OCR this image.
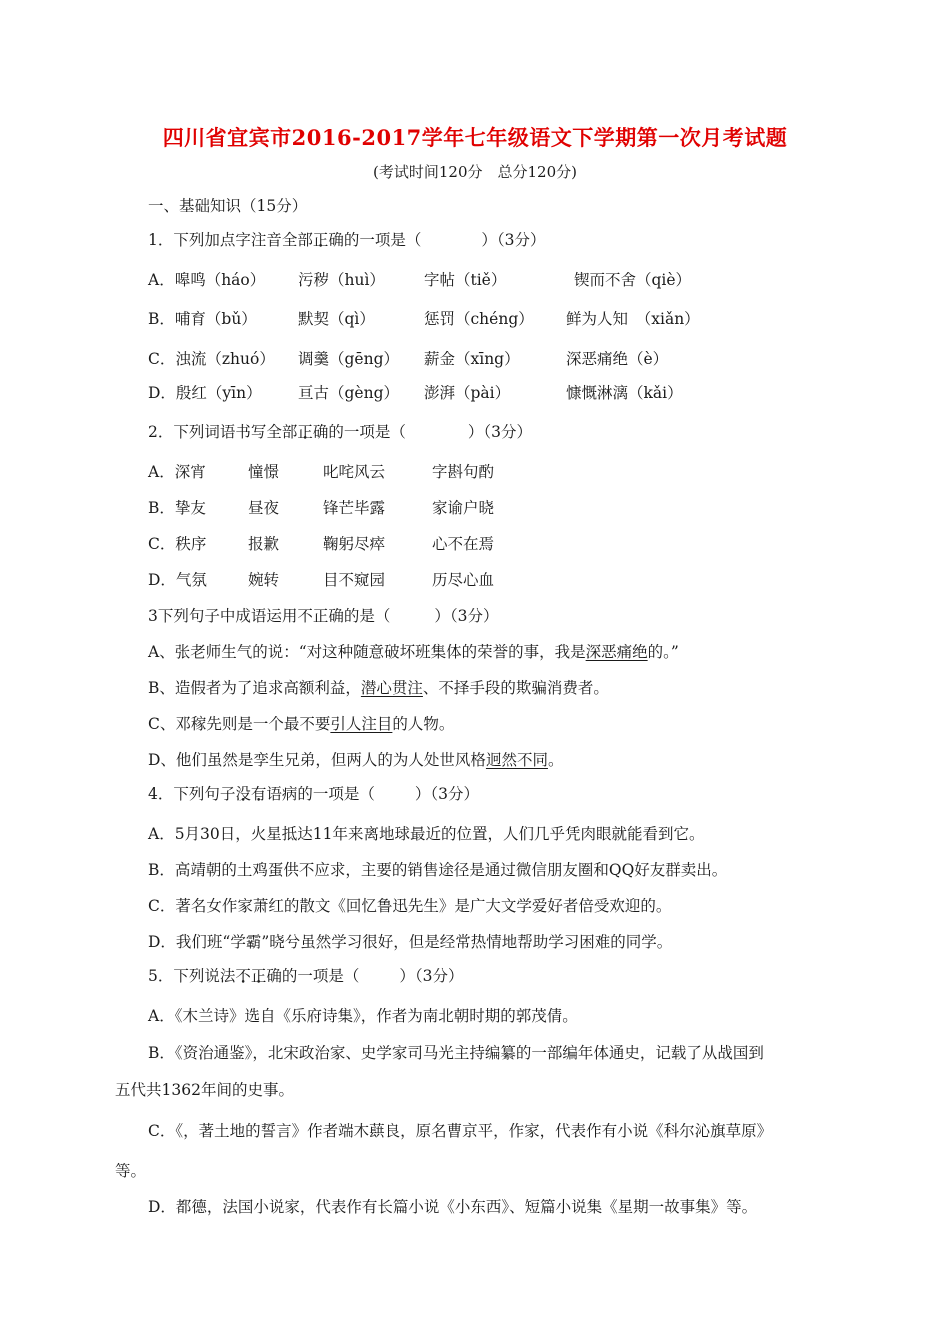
四川省宜宾市2016-2017学年七年级语文下学期第一次月考试题
(考试时间120分　总分120分)
一、基础知识（15分）
1．下列加点字注音全部正确的一项是（	）（3分）
A．嗥鸣（háo） 污秽（huì）	字帖（tiě）	锲而不舍（qiè）
B．哺育（bǔ）	默契（qì）	惩罚（chéng） 鲜为人知　（xiǎn）
C．浊流（zhuó） 调羹（gēng） 薪金（xīng）	深恶痛绝（è）
D．殷红（yīn） 亘古（gèng） 澎湃（pài）	慷慨淋漓（kǎi）
2．下列词语书写全部正确的一项是（	）（3分）
A．深宵	憧憬	叱咤风云	字斟句酌
B．挚友	昼夜	锋芒毕露	家谕户晓
C．秩序	报歉	鞠躬尽瘁	心不在焉
D．气氛	婉转	目不窥园	历尽心血
3下列句子中成语运用不正确的是（	）（3分）
A、张老师生气的说：“对这种随意破坏班集体的荣誉的事，我是深恶痛绝的。”
B、造假者为了追求高额利益，潜心贯注、不择手段的欺骗消费者。
C、邓稼先则是一个最不要引人注目的人物。
D、他们虽然是孪生兄弟，但两人的为人处世风格迥然不同。
4．下列句子没有语病的一项是（	）（3分）
A．5月30日，火星抵达11年来离地球最近的位置，人们几乎凭肉眼就能看到它。
B．高靖朝的土鸡蛋供不应求，主要的销售途径是通过微信朋友圈和QQ好友群卖出。
C．著名女作家萧红的散文《回忆鲁迅先生》是广大文学爱好者倍受欢迎的。
D．我们班“学霸”晓兮虽然学习很好，但是经常热情地帮助学习困难的同学。
5．下列说法不正确的一项是（	）（3分）
A．《木兰诗》选自《乐府诗集》，作者为南北朝时期的郭茂倩。
B．《资治通鉴》，北宋政治家、史学家司马光主持编纂的一部编年体通史，记载了从战国到
五代共1362年间的史事。
C．《，著土地的誓言》作者端木蕻良，原名曹京平，作家，代表作有小说《科尔沁旗草原》
等。
D．都德，法国小说家，代表作有长篇小说《小东西》、短篇小说集《星期一故事集》等。
